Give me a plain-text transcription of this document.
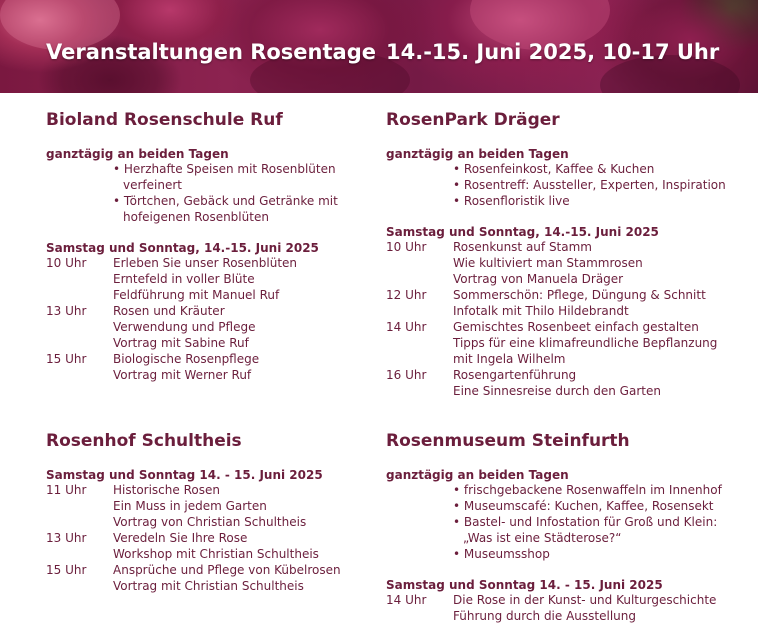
Veranstaltungen Rosentage 14.-15. Juni 2025, 10-17 Uhr
Bioland Rosenschule Ruf
ganztägig an beiden Tagen
• Herzhafte Speisen mit Rosenblüten
verfeinert
• Törtchen, Gebäck und Getränke mit
hofeigenen Rosenblüten
Samstag und Sonntag, 14.-15. Juni 2025
10 Uhr	Erleben Sie unser Rosenblüten
Erntefeld in voller Blüte
Feldführung mit Manuel Ruf
13 Uhr	Rosen und Kräuter
Verwendung und Pflege
Vortrag mit Sabine Ruf
15 Uhr	Biologische Rosenpflege
Vortrag mit Werner Ruf
RosenPark Dräger
ganztägig an beiden Tagen
• Rosenfeinkost, Kaffee & Kuchen
• Rosentreff: Aussteller, Experten, Inspiration
• Rosenfloristik live
Samstag und Sonntag, 14.-15. Juni 2025
10 Uhr	Rosenkunst auf Stamm
Wie kultiviert man Stammrosen
Vortrag von Manuela Dräger
12 Uhr	Sommerschön: Pflege, Düngung & Schnitt
Infotalk mit Thilo Hildebrandt
14 Uhr	Gemischtes Rosenbeet einfach gestalten
Tipps für eine klimafreundliche Bepflanzung
mit Ingela Wilhelm
16 Uhr	Rosengartenführung
Eine Sinnesreise durch den Garten
Rosenhof Schultheis
Samstag und Sonntag 14. - 15. Juni 2025
11 Uhr	Historische Rosen
Ein Muss in jedem Garten
Vortrag von Christian Schultheis
13 Uhr	Veredeln Sie Ihre Rose
Workshop mit Christian Schultheis
15 Uhr	Ansprüche und Pflege von Kübelrosen
Vortrag mit Christian Schultheis
Rosenmuseum Steinfurth
ganztägig an beiden Tagen
• frischgebackene Rosenwaffeln im Innenhof
• Museumscafé: Kuchen, Kaffee, Rosensekt
• Bastel- und Infostation für Groß und Klein:
„Was ist eine Städterose?“
• Museumsshop
Samstag und Sonntag 14. - 15. Juni 2025
14 Uhr	Die Rose in der Kunst- und Kulturgeschichte
Führung durch die Ausstellung
